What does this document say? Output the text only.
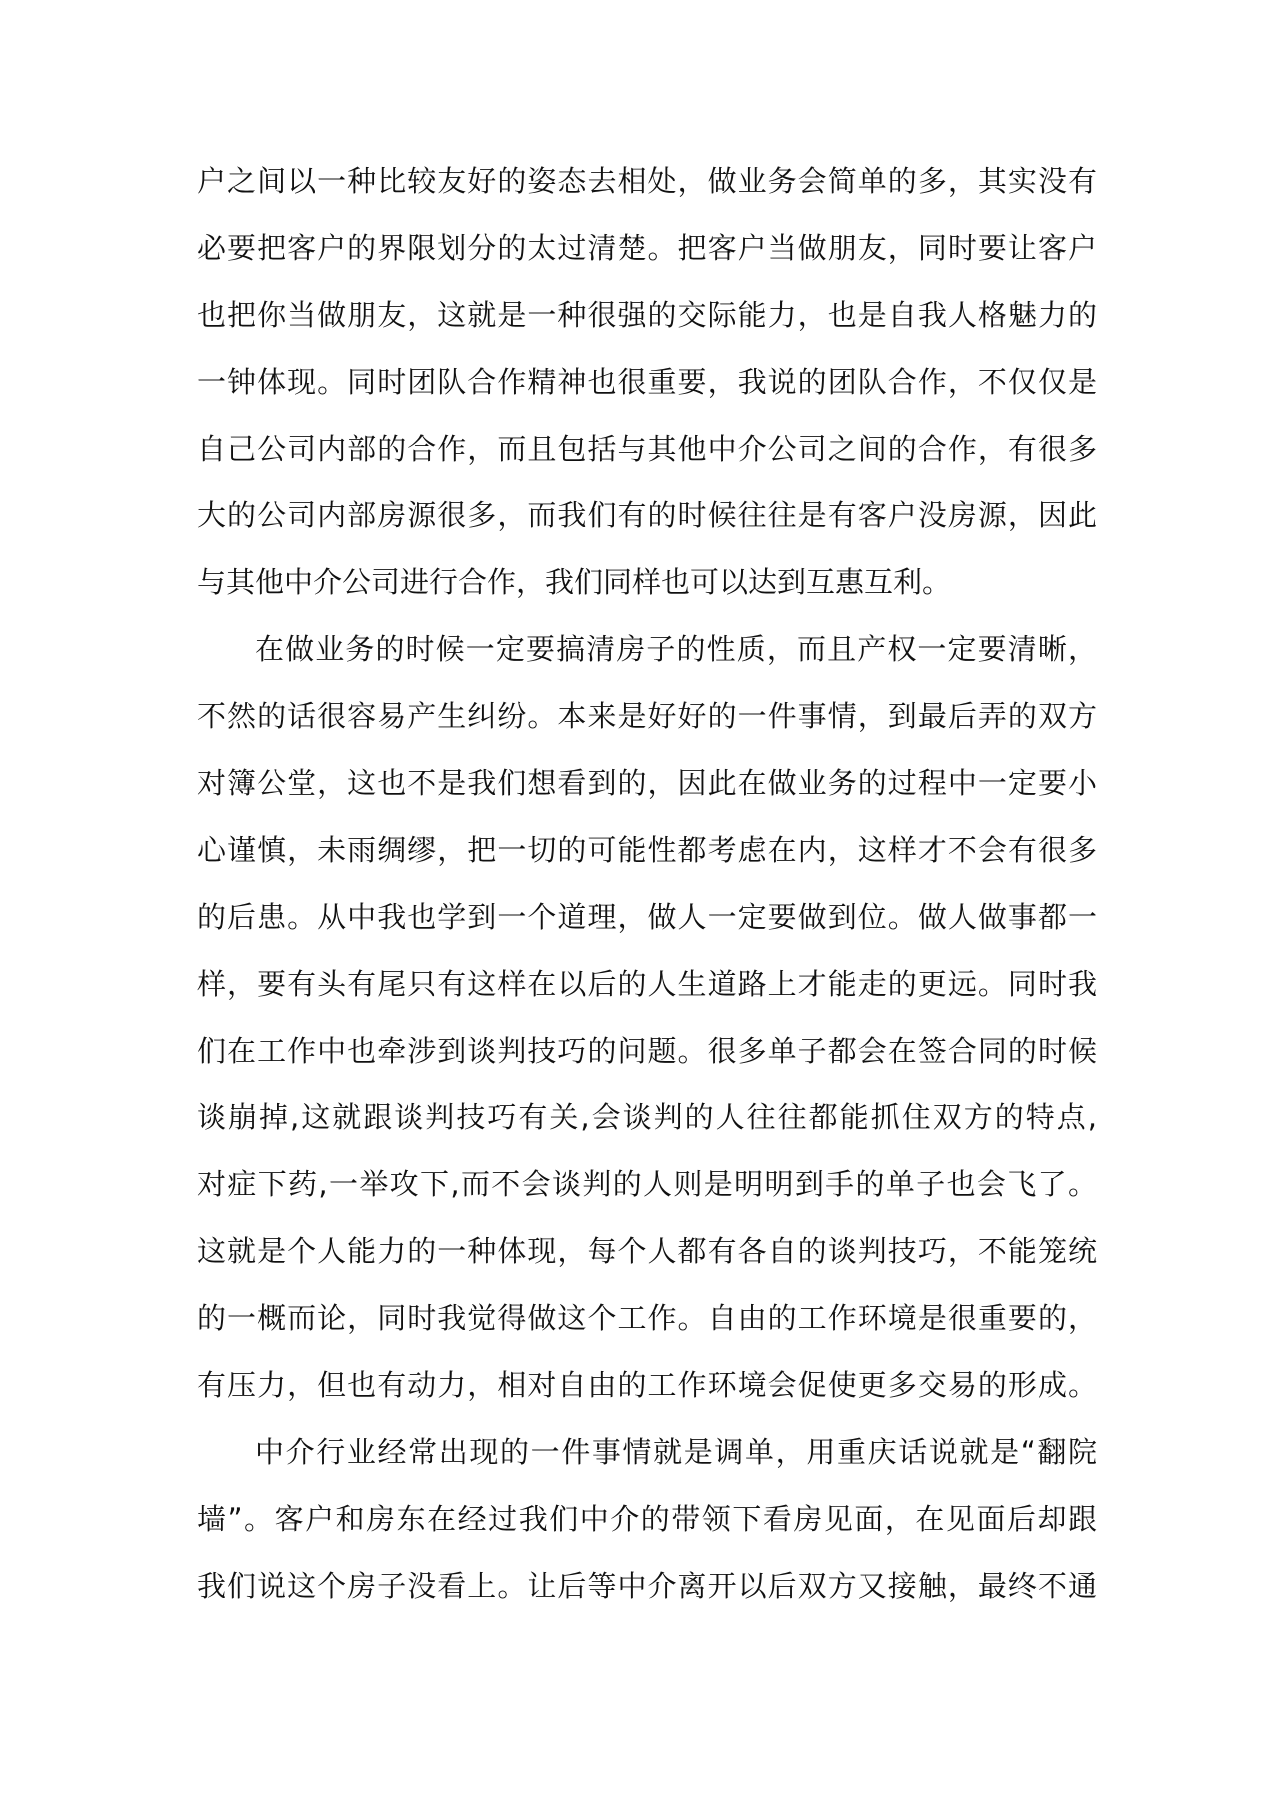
户之间以一种比较友好的姿态去相处，做业务会简单的多，其实没有
必要把客户的界限划分的太过清楚。把客户当做朋友，同时要让客户
也把你当做朋友，这就是一种很强的交际能力，也是自我人格魅力的
一钟体现。同时团队合作精神也很重要，我说的团队合作，不仅仅是
自己公司内部的合作，而且包括与其他中介公司之间的合作，有很多
大的公司内部房源很多，而我们有的时候往往是有客户没房源，因此
与其他中介公司进行合作，我们同样也可以达到互惠互利。
在做业务的时候一定要搞清房子的性质，而且产权一定要清晰，
不然的话很容易产生纠纷。本来是好好的一件事情，到最后弄的双方
对簿公堂，这也不是我们想看到的，因此在做业务的过程中一定要小
心谨慎，未雨绸缪，把一切的可能性都考虑在内，这样才不会有很多
的后患。从中我也学到一个道理，做人一定要做到位。做人做事都一
样，要有头有尾只有这样在以后的人生道路上才能走的更远。同时我
们在工作中也牵涉到谈判技巧的问题。很多单子都会在签合同的时候
谈崩掉,这就跟谈判技巧有关,会谈判的人往往都能抓住双方的特点,
对症下药,一举攻下,而不会谈判的人则是明明到手的单子也会飞了。
这就是个人能力的一种体现，每个人都有各自的谈判技巧，不能笼统
的一概而论，同时我觉得做这个工作。自由的工作环境是很重要的，
有压力，但也有动力，相对自由的工作环境会促使更多交易的形成。
中介行业经常出现的一件事情就是调单，用重庆话说就是“翻院
墙”。客户和房东在经过我们中介的带领下看房见面，在见面后却跟
我们说这个房子没看上。让后等中介离开以后双方又接触，最终不通
